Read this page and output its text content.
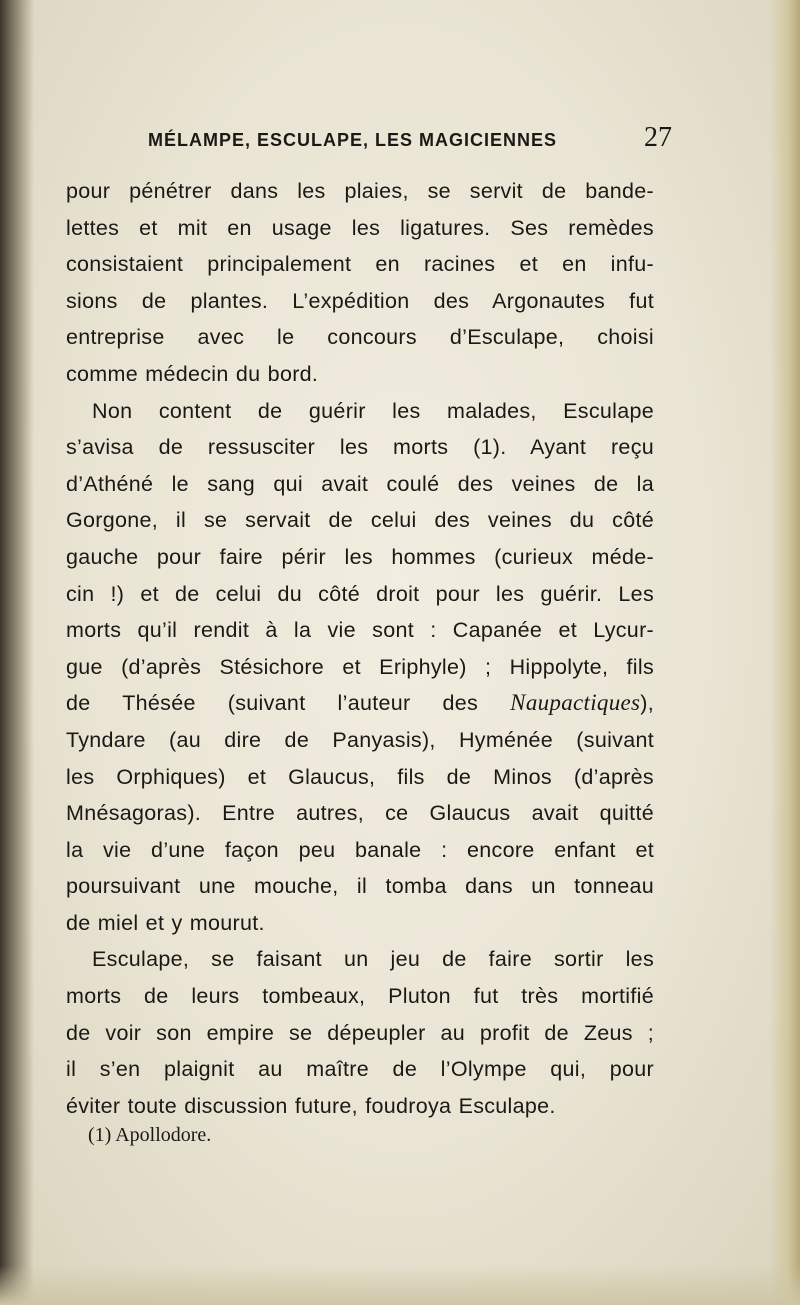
MÉLAMPE, ESCULAPE, LES MAGICIENNES	27
pour pénétrer dans les plaies, se servit de bande-
lettes et mit en usage les ligatures. Ses remèdes
consistaient principalement en racines et en infu-
sions de plantes. L’expédition des Argonautes fut
entreprise avec le concours d’Esculape, choisi
comme médecin du bord.
Non content de guérir les malades, Esculape
s’avisa de ressusciter les morts (1). Ayant reçu
d’Athéné le sang qui avait coulé des veines de la
Gorgone, il se servait de celui des veines du côté
gauche pour faire périr les hommes (curieux méde-
cin !) et de celui du côté droit pour les guérir. Les
morts qu’il rendit à la vie sont : Capanée et Lycur-
gue (d’après Stésichore et Eriphyle) ; Hippolyte, fils
de Thésée (suivant l’auteur des Naupactiques),
Tyndare (au dire de Panyasis), Hyménée (suivant
les Orphiques) et Glaucus, fils de Minos (d’après
Mnésagoras). Entre autres, ce Glaucus avait quitté
la vie d’une façon peu banale : encore enfant et
poursuivant une mouche, il tomba dans un tonneau
de miel et y mourut.
Esculape, se faisant un jeu de faire sortir les
morts de leurs tombeaux, Pluton fut très mortifié
de voir son empire se dépeupler au profit de Zeus ;
il s’en plaignit au maître de l’Olympe qui, pour
éviter toute discussion future, foudroya Esculape.
(1) Apollodore.
